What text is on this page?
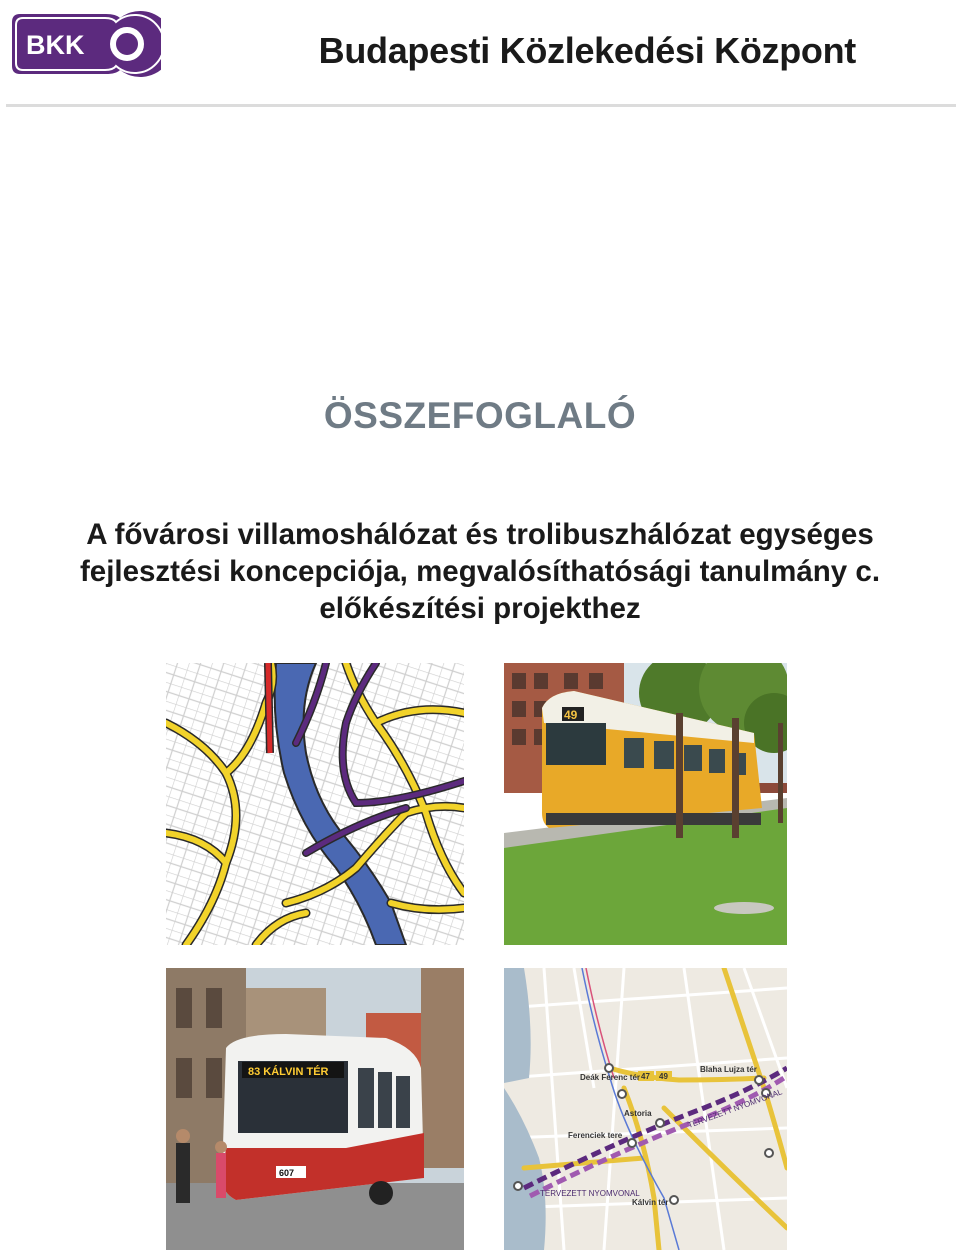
BKK	Budapesti Közlekedési Központ
ÖSSZEFOGLALÓ
A fővárosi villamoshálózat és trolibuszhálózat egységes
fejlesztési koncepciója, megvalósíthatósági tanulmány c.
előkészítési projekthez
49
83 KÁLVIN TÉR
607
47 49
Deák Ferenc tér
Blaha Lujza tér
Astoria
Ferenciek tere
Kálvin tér
TERVEZETT NYOMVONAL
TERVEZETT NYOMVONAL
